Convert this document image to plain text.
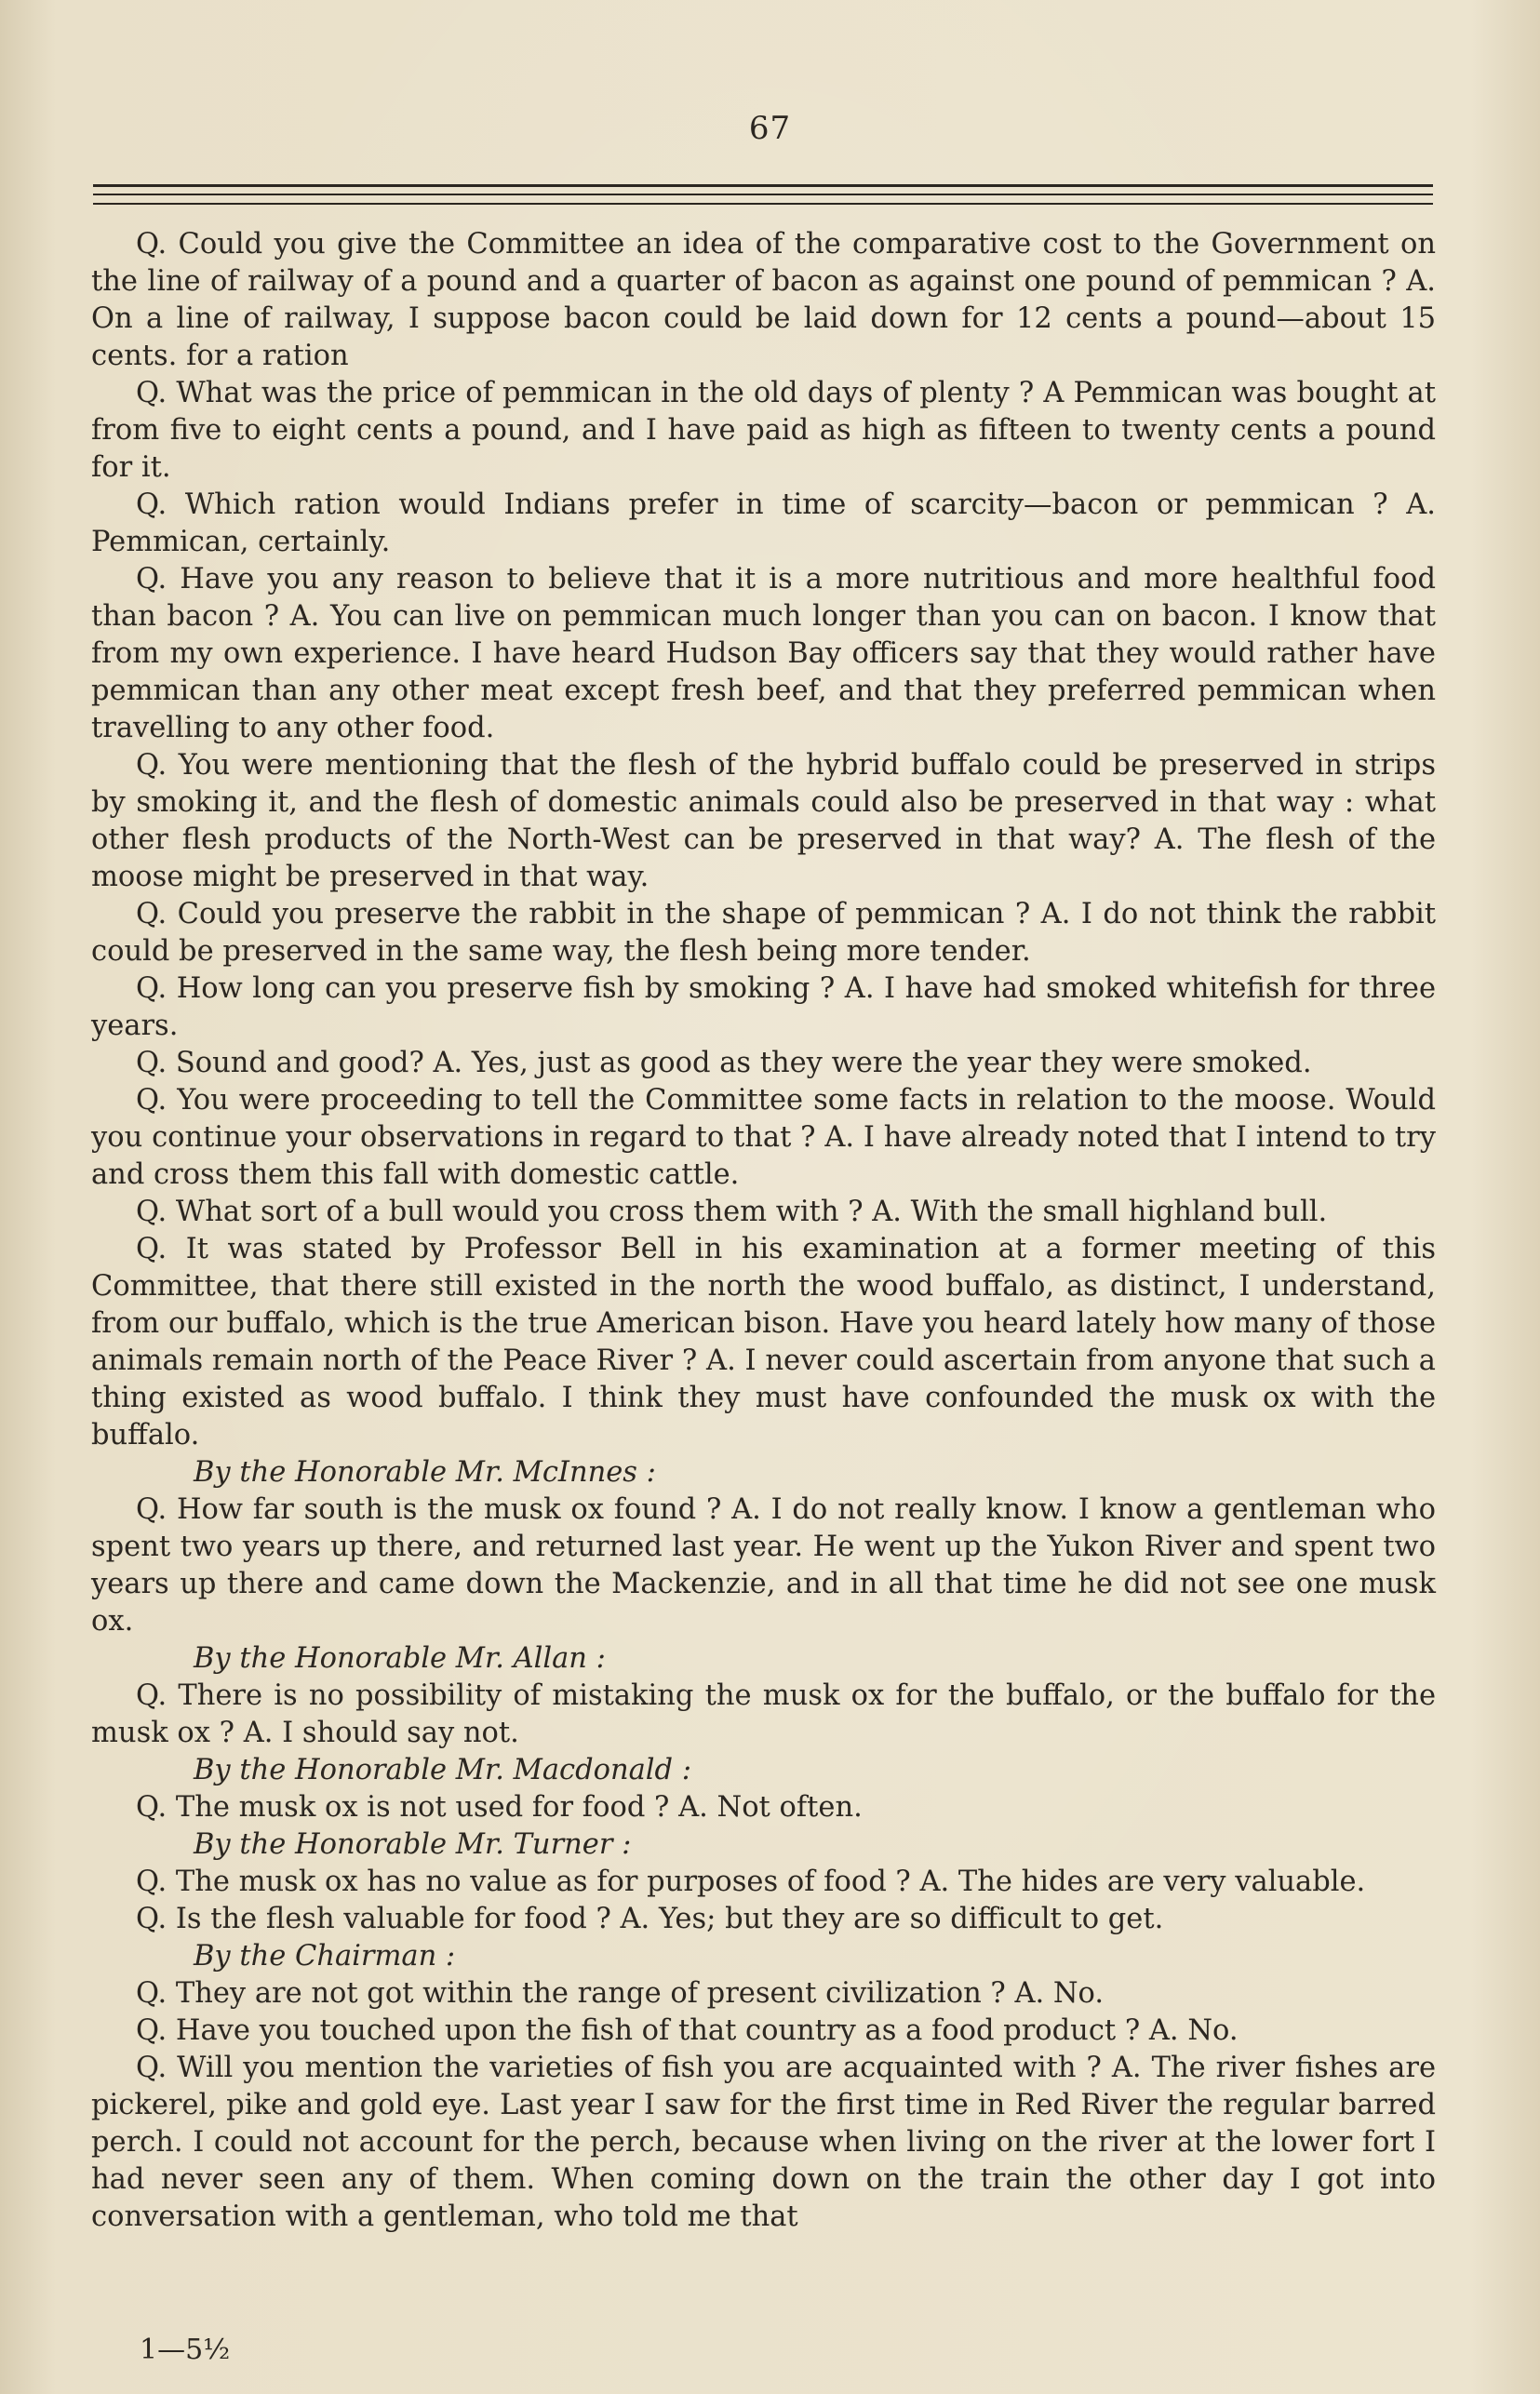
67

Q. Could you give the Committee an idea of the comparative cost to the Government on the line of railway of a pound and a quarter of bacon as against one pound of pemmican ? A. On a line of railway, I suppose bacon could be laid down for 12 cents a pound—about 15 cents. for a ration

Q. What was the price of pemmican in the old days of plenty ? A Pemmican was bought at from five to eight cents a pound, and I have paid as high as fifteen to twenty cents a pound for it.

Q. Which ration would Indians prefer in time of scarcity—bacon or pemmican ? A. Pemmican, certainly.

Q. Have you any reason to believe that it is a more nutritious and more healthful food than bacon ? A. You can live on pemmican much longer than you can on bacon. I know that from my own experience. I have heard Hudson Bay officers say that they would rather have pemmican than any other meat except fresh beef, and that they preferred pemmican when travelling to any other food.

Q. You were mentioning that the flesh of the hybrid buffalo could be preserved in strips by smoking it, and the flesh of domestic animals could also be preserved in that way : what other flesh products of the North-West can be preserved in that way? A. The flesh of the moose might be preserved in that way.

Q. Could you preserve the rabbit in the shape of pemmican ? A. I do not think the rabbit could be preserved in the same way, the flesh being more tender.

Q. How long can you preserve fish by smoking ? A. I have had smoked whitefish for three years.

Q. Sound and good? A. Yes, just as good as they were the year they were smoked.

Q. You were proceeding to tell the Committee some facts in relation to the moose. Would you continue your observations in regard to that ? A. I have already noted that I intend to try and cross them this fall with domestic cattle.

Q. What sort of a bull would you cross them with ? A. With the small highland bull.

Q. It was stated by Professor Bell in his examination at a former meeting of this Committee, that there still existed in the north the wood buffalo, as distinct, I understand, from our buffalo, which is the true American bison. Have you heard lately how many of those animals remain north of the Peace River ? A. I never could ascertain from anyone that such a thing existed as wood buffalo. I think they must have confounded the musk ox with the buffalo.

By the Honorable Mr. McInnes :

Q. How far south is the musk ox found ? A. I do not really know. I know a gentleman who spent two years up there, and returned last year. He went up the Yukon River and spent two years up there and came down the Mackenzie, and in all that time he did not see one musk ox.

By the Honorable Mr. Allan :

Q. There is no possibility of mistaking the musk ox for the buffalo, or the buffalo for the musk ox ? A. I should say not.

By the Honorable Mr. Macdonald :

Q. The musk ox is not used for food ? A. Not often.

By the Honorable Mr. Turner :

Q. The musk ox has no value as for purposes of food ? A. The hides are very valuable.

Q. Is the flesh valuable for food ? A. Yes; but they are so difficult to get.

By the Chairman :

Q. They are not got within the range of present civilization ? A. No.

Q. Have you touched upon the fish of that country as a food product ? A. No.

Q. Will you mention the varieties of fish you are acquainted with ? A. The river fishes are pickerel, pike and gold eye. Last year I saw for the first time in Red River the regular barred perch. I could not account for the perch, because when living on the river at the lower fort I had never seen any of them. When coming down on the train the other day I got into conversation with a gentleman, who told me that

1—5½
